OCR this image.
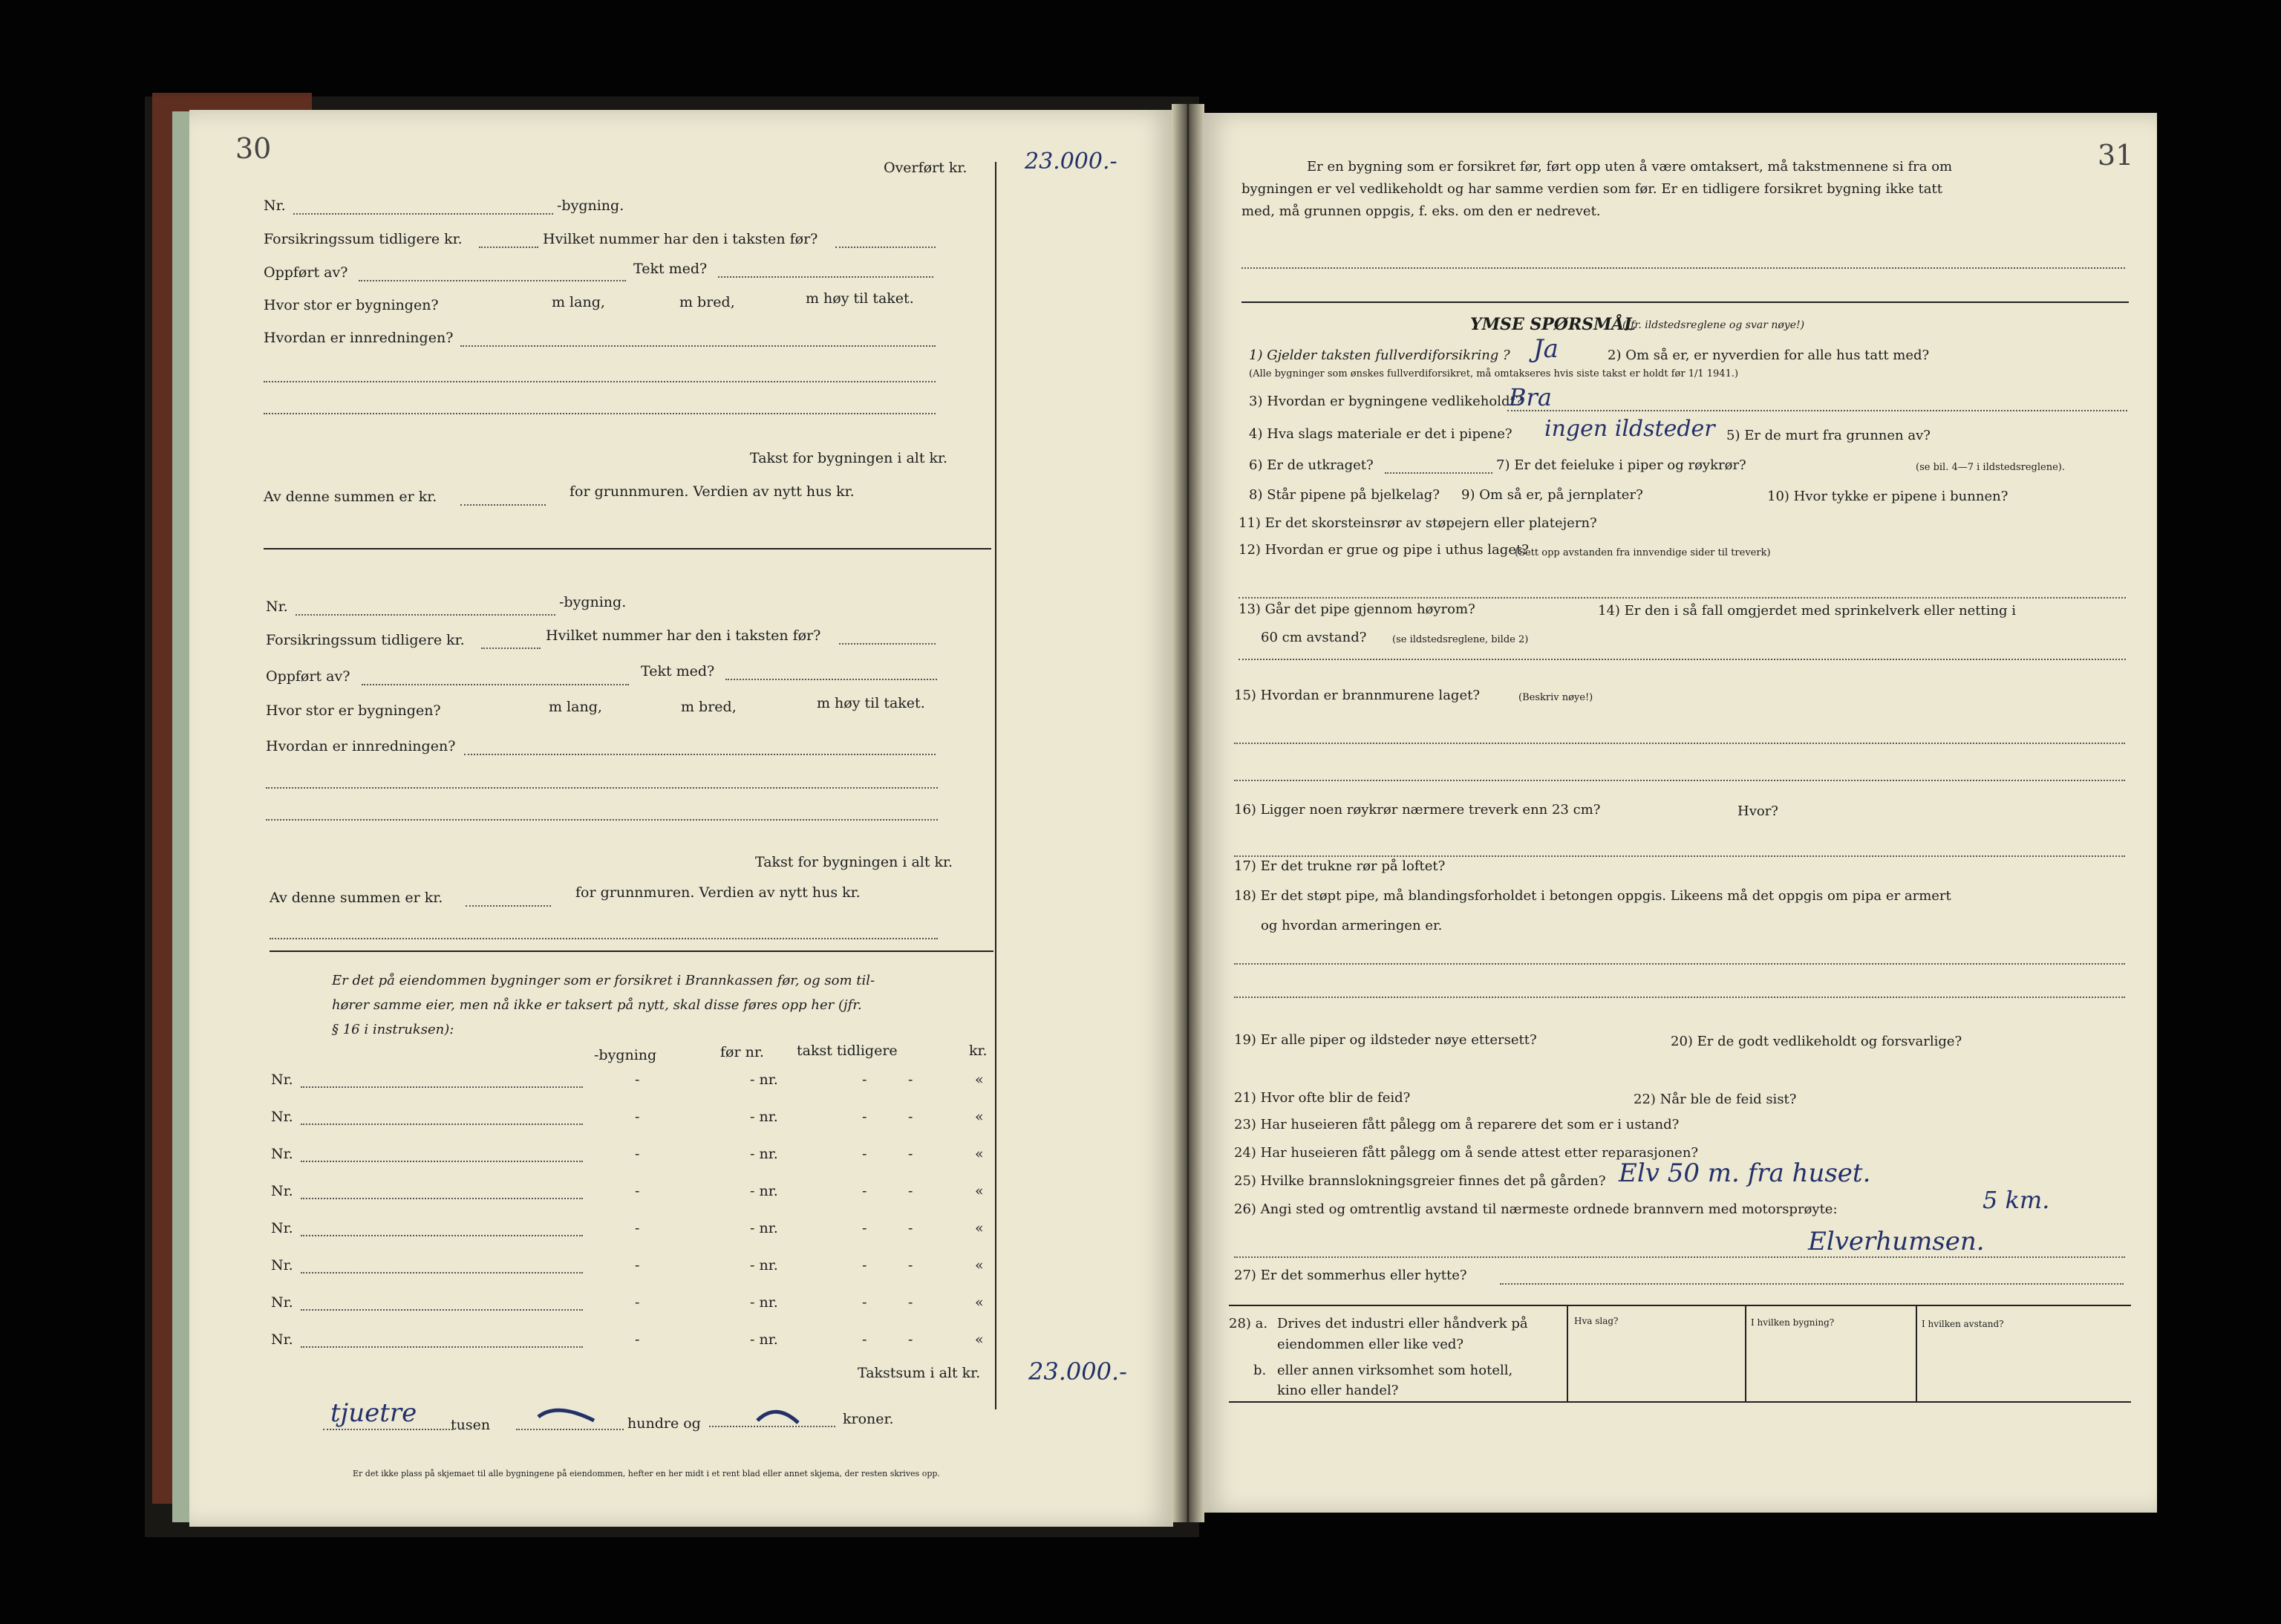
30
Overført kr.	23.000.-
Nr.	-bygning.
Forsikringssum tidligere kr.	Hvilket nummer har den i taksten før?
Oppført av?	Tekt med?
Hvor stor er bygningen?	m lang,	m bred,	m høy til taket.
Hvordan er innredningen?
Takst for bygningen i alt kr.
Av denne summen er kr.	for grunnmuren. Verdien av nytt hus kr.
Nr.	-bygning.
Forsikringssum tidligere kr.	Hvilket nummer har den i taksten før?
Oppført av?	Tekt med?
Hvor stor er bygningen?	m lang,	m bred,	m høy til taket.
Hvordan er innredningen?
Takst for bygningen i alt kr.
Av denne summen er kr.	for grunnmuren. Verdien av nytt hus kr.
Er det på eiendommen bygninger som er forsikret i Brannkassen før, og som til-
hører samme eier, men nå ikke er taksert på nytt, skal disse føres opp her (jfr.
§ 16 i instruksen):
-bygning	før nr. takst tidligere	kr.
Nr.	-	- nr.	-	-	«
Nr.	-	- nr.	-	-	«
Nr.	-	- nr.	-	-	«
Nr.	-	- nr.	-	-	«
Nr.	-	- nr.	-	-	«
Nr.	-	- nr.	-	-	«
Nr.	-	- nr.	-	-	«
Nr.	-	- nr.	-	-	«
Takstsum i alt kr. 23.000.-
tjuetre tusen	hundre og	kroner.
Er det ikke plass på skjemaet til alle bygningene på eiendommen, hefter en her midt i et rent blad eller annet skjema, der resten skrives opp.
31
Er en bygning som er forsikret før, ført opp uten å være omtaksert, må takstmennene si fra om
bygningen er vel vedlikeholdt og har samme verdien som før. Er en tidligere forsikret bygning ikke tatt
med, må grunnen oppgis, f. eks. om den er nedrevet.
YMSE SPØRSMÅL
(Jfr. ildstedsreglene og svar nøye!)
1) Gjelder taksten fullverdiforsikring ? Ja	2) Om så er, er nyverdien for alle hus tatt med?
(Alle bygninger som ønskes fullverdiforsikret, må omtakseres hvis siste takst er holdt før 1/1 1941.)
3) Hvordan er bygningene vedlikeholdt?
Bra
4) Hva slags materiale er det i pipene? ingen ildsteder 5) Er de murt fra grunnen av?
6) Er de utkraget?	7) Er det feieluke i piper og røykrør?	(se bil. 4—7 i ildstedsreglene).
8) Står pipene på bjelkelag? 9) Om så er, på jernplater?	10) Hvor tykke er pipene i bunnen?
11) Er det skorsteinsrør av støpejern eller platejern?
12) Hvordan er grue og pipe i uthus laget?
(Sett opp avstanden fra innvendige sider til treverk)
13) Går det pipe gjennom høyrom?	14) Er den i så fall omgjerdet med sprinkelverk eller netting i
60 cm avstand?	(se ildstedsreglene, bilde 2)
15) Hvordan er brannmurene laget?	(Beskriv nøye!)
16) Ligger noen røykrør nærmere treverk enn 23 cm?	Hvor?
17) Er det trukne rør på loftet?
18) Er det støpt pipe, må blandingsforholdet i betongen oppgis. Likeens må det oppgis om pipa er armert
og hvordan armeringen er.
19) Er alle piper og ildsteder nøye ettersett?	20) Er de godt vedlikeholdt og forsvarlige?
21) Hvor ofte blir de feid?	22) Når ble de feid sist?
23) Har huseieren fått pålegg om å reparere det som er i ustand?
24) Har huseieren fått pålegg om å sende attest etter reparasjonen?
25) Hvilke brannslokningsgreier finnes det på gården? Elv 50 m. fra huset.
26) Angi sted og omtrentlig avstand til nærmeste ordnede brannvern med motorsprøyte:	5 km.
Elverhumsen.
27) Er det sommerhus eller hytte?
Hva slag?	I hvilken bygning?	I hvilken avstand?
28) a. Drives det industri eller håndverk på
eiendommen eller like ved?
b. eller annen virksomhet som hotell,
kino eller handel?
